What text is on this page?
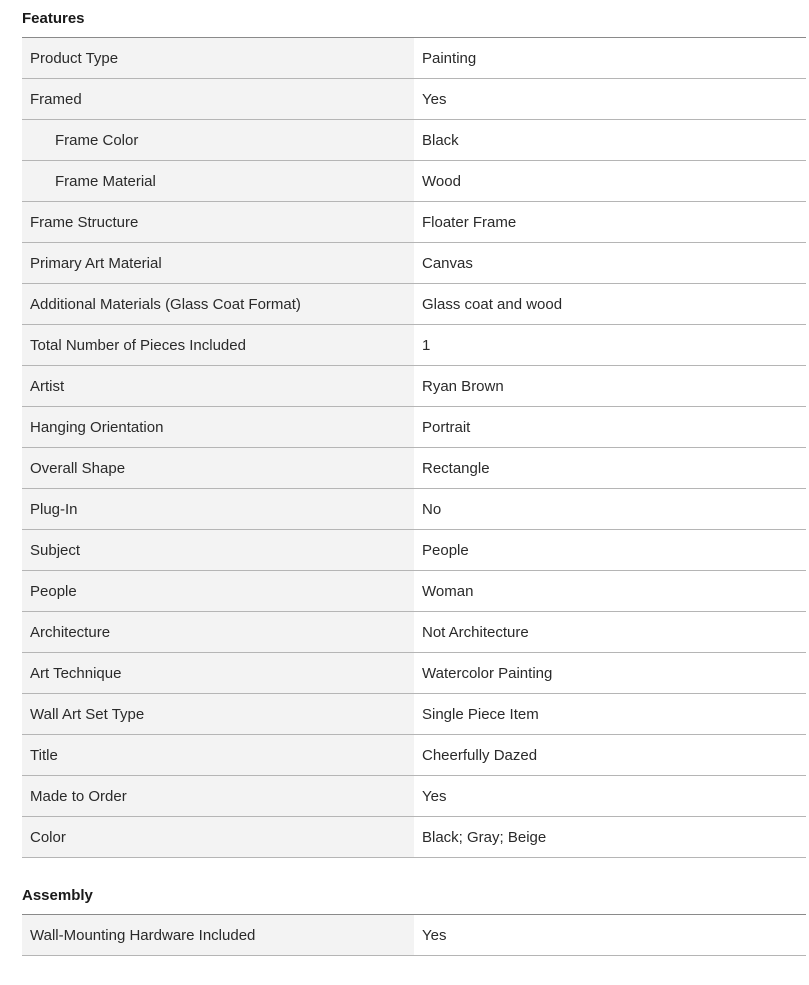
Features
Product Type	Painting
Framed	Yes
Frame Color	Black
Frame Material	Wood
Frame Structure	Floater Frame
Primary Art Material	Canvas
Additional Materials (Glass Coat Format)	Glass coat and wood
Total Number of Pieces Included	1
Artist	Ryan Brown
Hanging Orientation	Portrait
Overall Shape	Rectangle
Plug-In	No
Subject	People
People	Woman
Architecture	Not Architecture
Art Technique	Watercolor Painting
Wall Art Set Type	Single Piece Item
Title	Cheerfully Dazed
Made to Order	Yes
Color	Black; Gray; Beige
Assembly
Wall-Mounting Hardware Included	Yes
